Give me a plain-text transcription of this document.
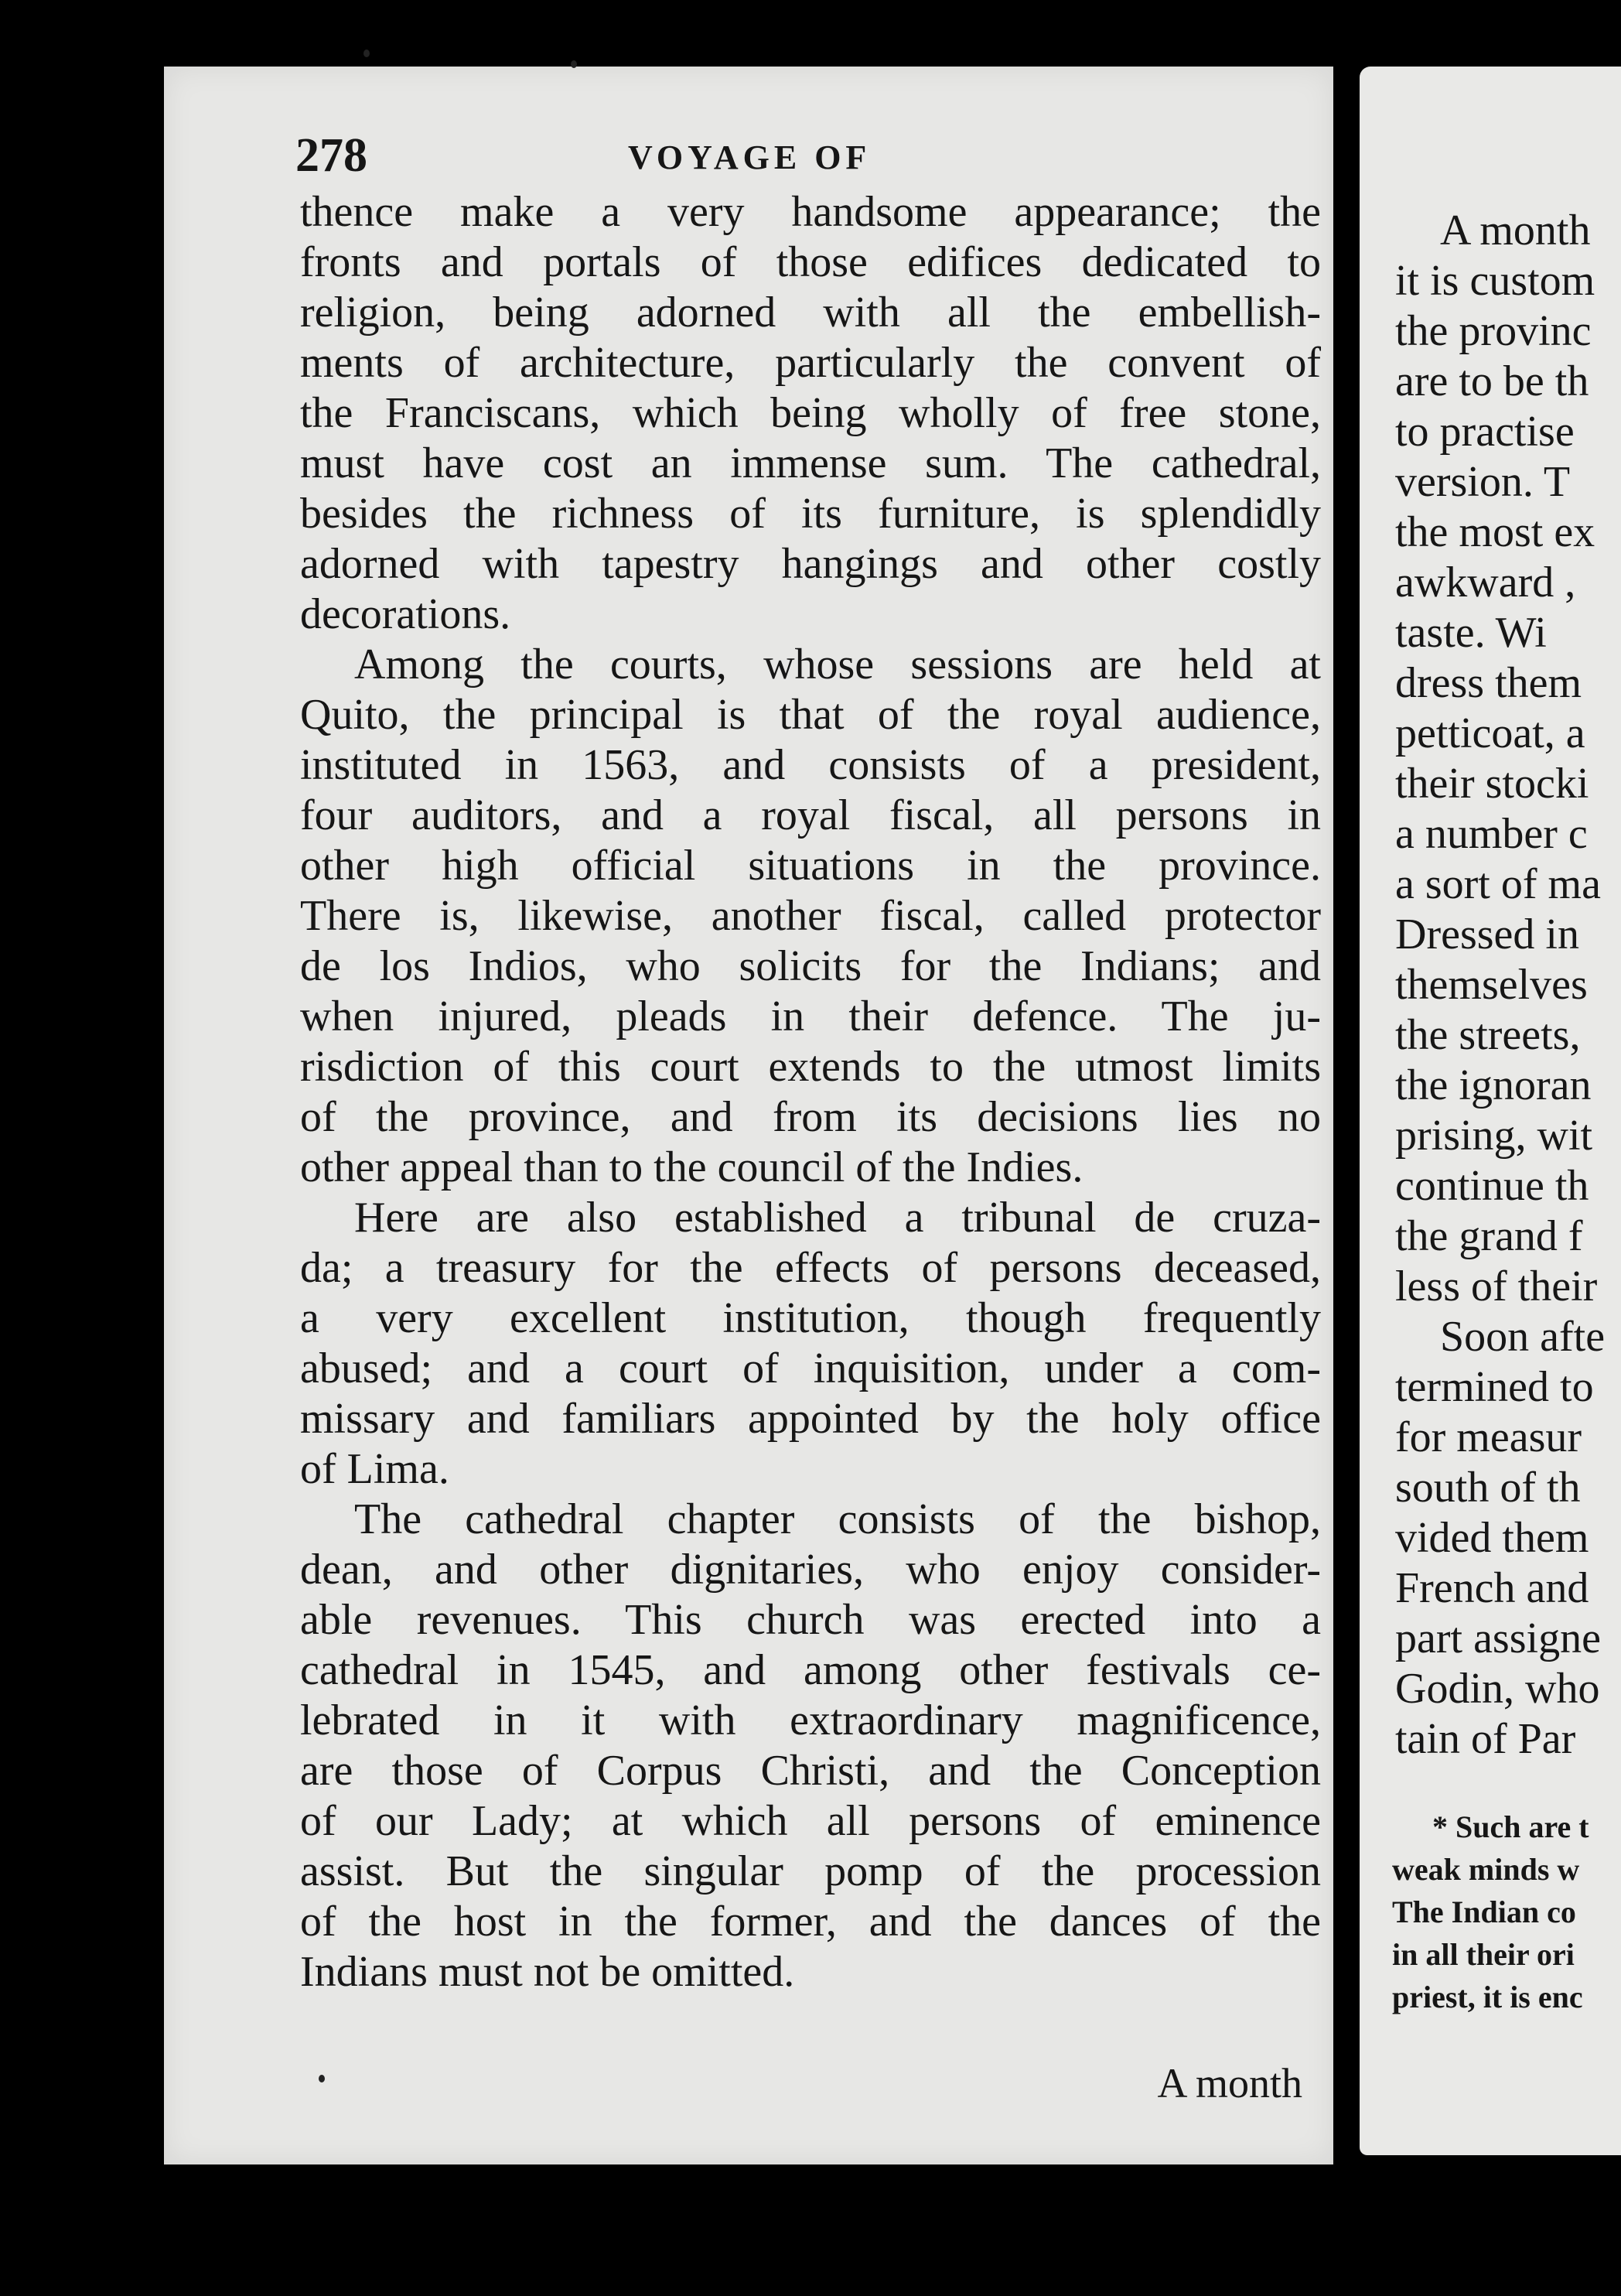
278	VOYAGE OF
thence make a very handsome appearance; the
fronts and portals of those edifices dedicated to
religion, being adorned with all the embellish-
ments of architecture, particularly the convent of
the Franciscans, which being wholly of free stone,
must have cost an immense sum. The cathedral,
besides the richness of its furniture, is splendidly
adorned with tapestry hangings and other costly
decorations.
Among the courts, whose sessions are held at
Quito, the principal is that of the royal audience,
instituted in 1563, and consists of a president,
four auditors, and a royal fiscal, all persons in
other high official situations in the province.
There is, likewise, another fiscal, called protector
de los Indios, who solicits for the Indians; and
when injured, pleads in their defence. The ju-
risdiction of this court extends to the utmost limits
of the province, and from its decisions lies no
other appeal than to the council of the Indies.
Here are also established a tribunal de cruza-
da; a treasury for the effects of persons deceased,
a very excellent institution, though frequently
abused; and a court of inquisition, under a com-
missary and familiars appointed by the holy office
of Lima.
The cathedral chapter consists of the bishop,
dean, and other dignitaries, who enjoy consider-
able revenues. This church was erected into a
cathedral in 1545, and among other festivals ce-
lebrated in it with extraordinary magnificence,
are those of Corpus Christi, and the Conception
of our Lady; at which all persons of eminence
assist. But the singular pomp of the procession
of the host in the former, and the dances of the
Indians must not be omitted.
A month
A month
it is custom
the provinc
are to be th
to practise
version. T
the most ex
awkward ,
taste. Wi
dress them
petticoat, a
their stocki
a number c
a sort of ma
Dressed in
themselves
the streets,
the ignoran
prising, wit
continue th
the grand f
less of their
Soon afte
termined to
for measur
south of th
vided them
French and
part assigne
Godin, who
tain of Par
* Such are t
weak minds w
The Indian co
in all their ori
priest, it is enc
